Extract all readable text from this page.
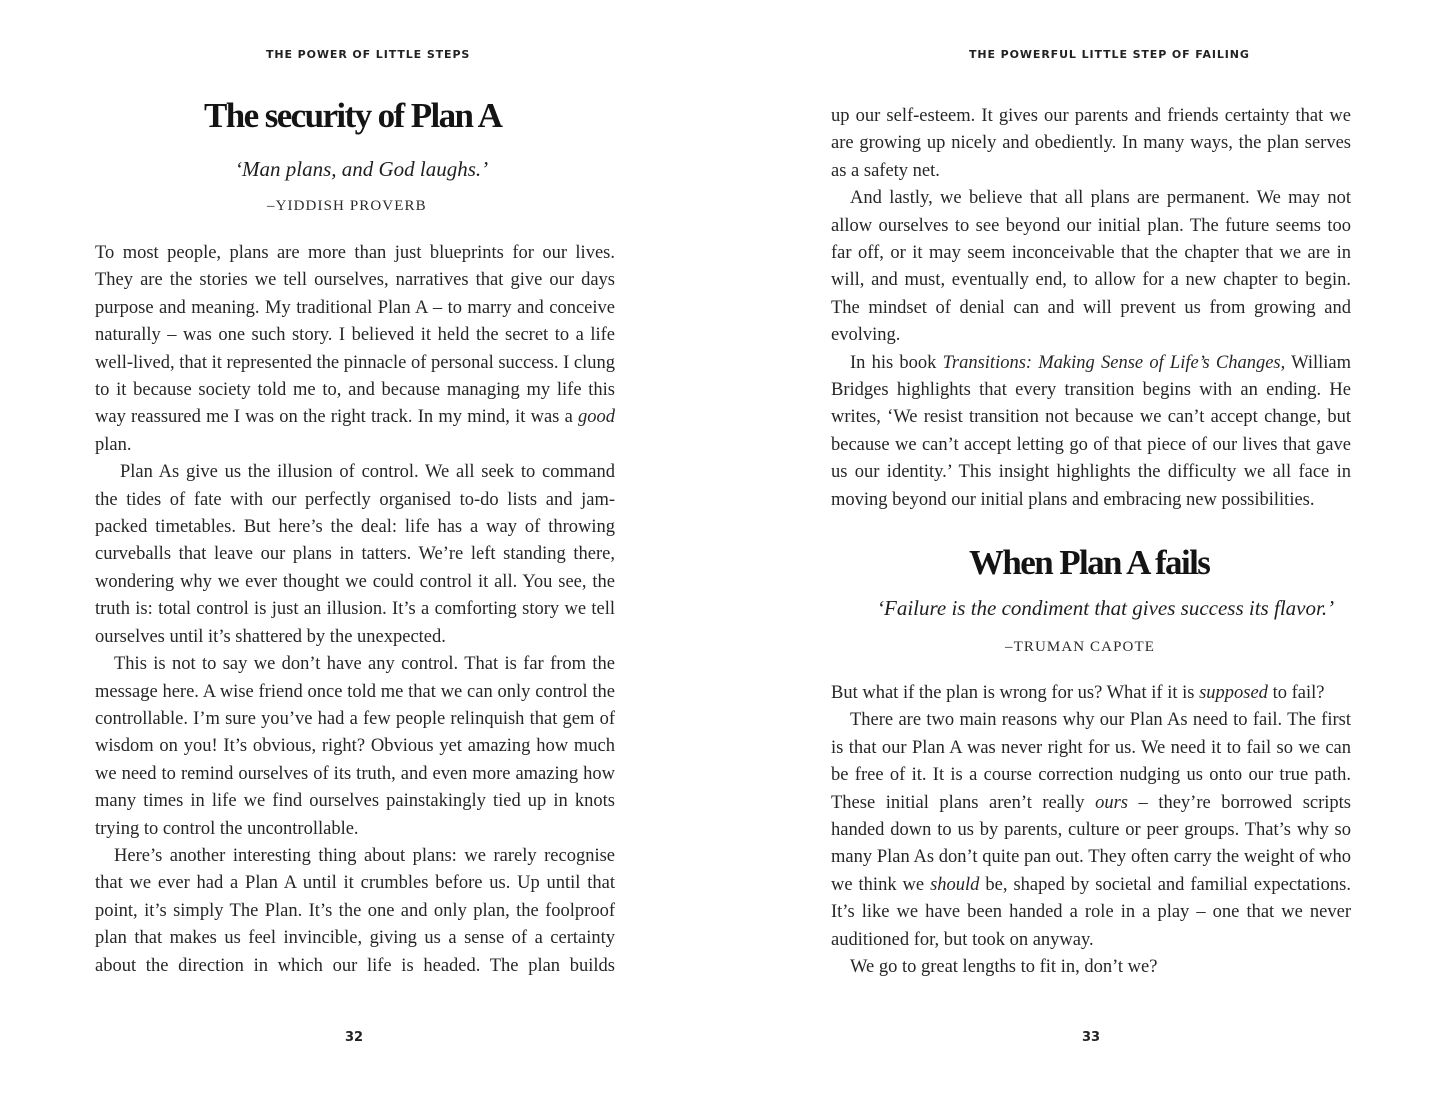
THE POWER OF LITTLE STEPS
The security of Plan A
‘Man plans, and God laughs.’
–YIDDISH PROVERB

To most people, plans are more than just blueprints for our lives. They are the stories we tell ourselves, narratives that give our days purpose and meaning. My traditional Plan A – to marry and conceive naturally – was one such story. I believed it held the secret to a life well-lived, that it represented the pinnacle of personal success. I clung to it because society told me to, and because managing my life this way reassured me I was on the right track. In my mind, it was a good plan.

Plan As give us the illusion of control. We all seek to command the tides of fate with our perfectly organised to-do lists and jam-packed timetables. But here’s the deal: life has a way of throwing curveballs that leave our plans in tatters. We’re left standing there, wondering why we ever thought we could control it all. You see, the truth is: total control is just an illusion. It’s a comforting story we tell ourselves until it’s shattered by the unexpected.

This is not to say we don’t have any control. That is far from the message here. A wise friend once told me that we can only control the controllable. I’m sure you’ve had a few people relinquish that gem of wisdom on you! It’s obvious, right? Obvious yet amazing how much we need to remind ourselves of its truth, and even more amazing how many times in life we find ourselves painstakingly tied up in knots trying to control the uncontrollable.

Here’s another interesting thing about plans: we rarely recognise that we ever had a Plan A until it crumbles before us. Up until that point, it’s simply The Plan. It’s the one and only plan, the foolproof plan that makes us feel invincible, giving us a sense of a certainty about the direction in which our life is headed. The plan builds

32
THE POWERFUL LITTLE STEP OF FAILING

up our self-esteem. It gives our parents and friends certainty that we are growing up nicely and obediently. In many ways, the plan serves as a safety net.

And lastly, we believe that all plans are permanent. We may not allow ourselves to see beyond our initial plan. The future seems too far off, or it may seem inconceivable that the chapter that we are in will, and must, eventually end, to allow for a new chapter to begin. The mindset of denial can and will prevent us from growing and evolving.

In his book Transitions: Making Sense of Life’s Changes, William Bridges highlights that every transition begins with an ending. He writes, ‘We resist transition not because we can’t accept change, but because we can’t accept letting go of that piece of our lives that gave us our identity.’ This insight highlights the difficulty we all face in moving beyond our initial plans and embracing new possibilities.

When Plan A fails
‘Failure is the condiment that gives success its flavor.’
–TRUMAN CAPOTE

But what if the plan is wrong for us? What if it is supposed to fail?

There are two main reasons why our Plan As need to fail. The first is that our Plan A was never right for us. We need it to fail so we can be free of it. It is a course correction nudging us onto our true path. These initial plans aren’t really ours – they’re borrowed scripts handed down to us by parents, culture or peer groups. That’s why so many Plan As don’t quite pan out. They often carry the weight of who we think we should be, shaped by societal and familial expectations. It’s like we have been handed a role in a play – one that we never auditioned for, but took on anyway.

We go to great lengths to fit in, don’t we?

33
